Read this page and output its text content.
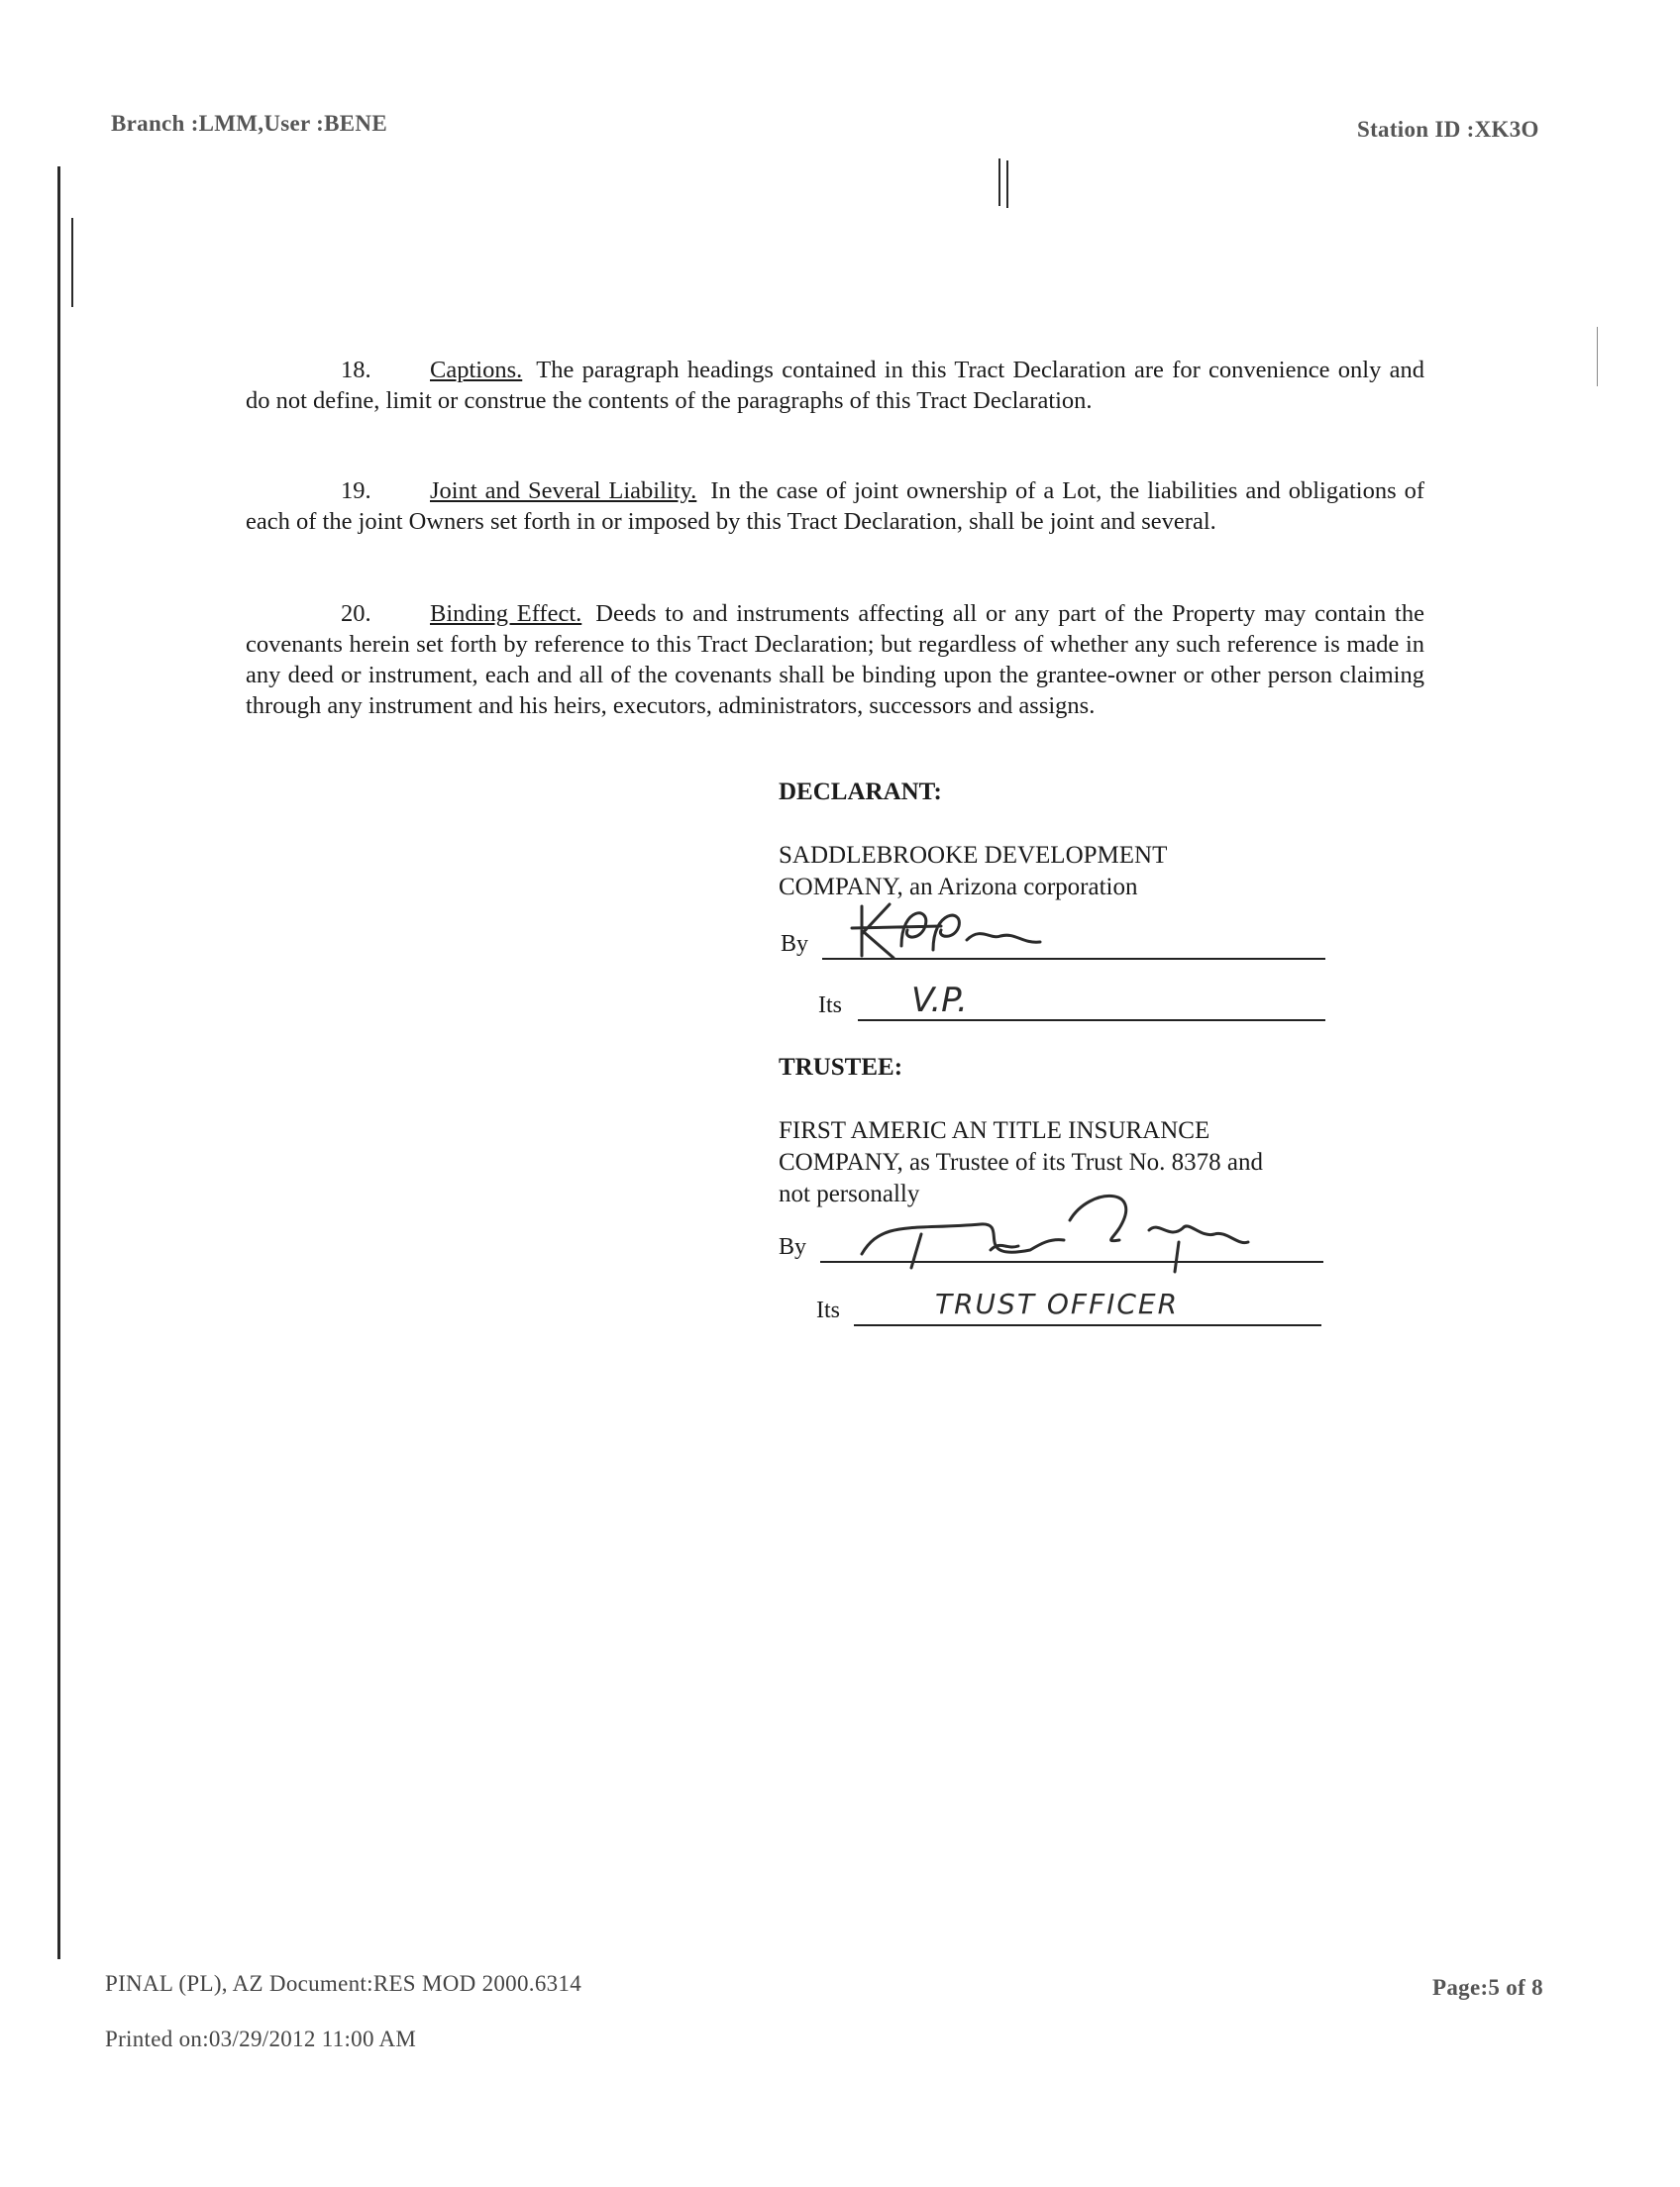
Branch :LMM,User :BENE	Station ID :XK3O
18. Captions. The paragraph headings contained in this Tract Declaration are for convenience only and do not define, limit or construe the contents of the paragraphs of this Tract Declaration.
19. Joint and Several Liability. In the case of joint ownership of a Lot, the liabilities and obligations of each of the joint Owners set forth in or imposed by this Tract Declaration, shall be joint and several.
20. Binding Effect. Deeds to and instruments affecting all or any part of the Property may contain the covenants herein set forth by reference to this Tract Declaration; but regardless of whether any such reference is made in any deed or instrument, each and all of the covenants shall be binding upon the grantee-owner or other person claiming through any instrument and his heirs, executors, administrators, successors and assigns.
DECLARANT:
SADDLEBROOKE DEVELOPMENT
COMPANY, an Arizona corporation
By
Its V.P.
TRUSTEE:
FIRST AMERIC AN TITLE INSURANCE
COMPANY, as Trustee of its Trust No. 8378 and
not personally
By
Its	TRUST OFFICER
PINAL (PL), AZ Document:RES MOD 2000.6314	Page:5 of 8
Printed on:03/29/2012 11:00 AM
